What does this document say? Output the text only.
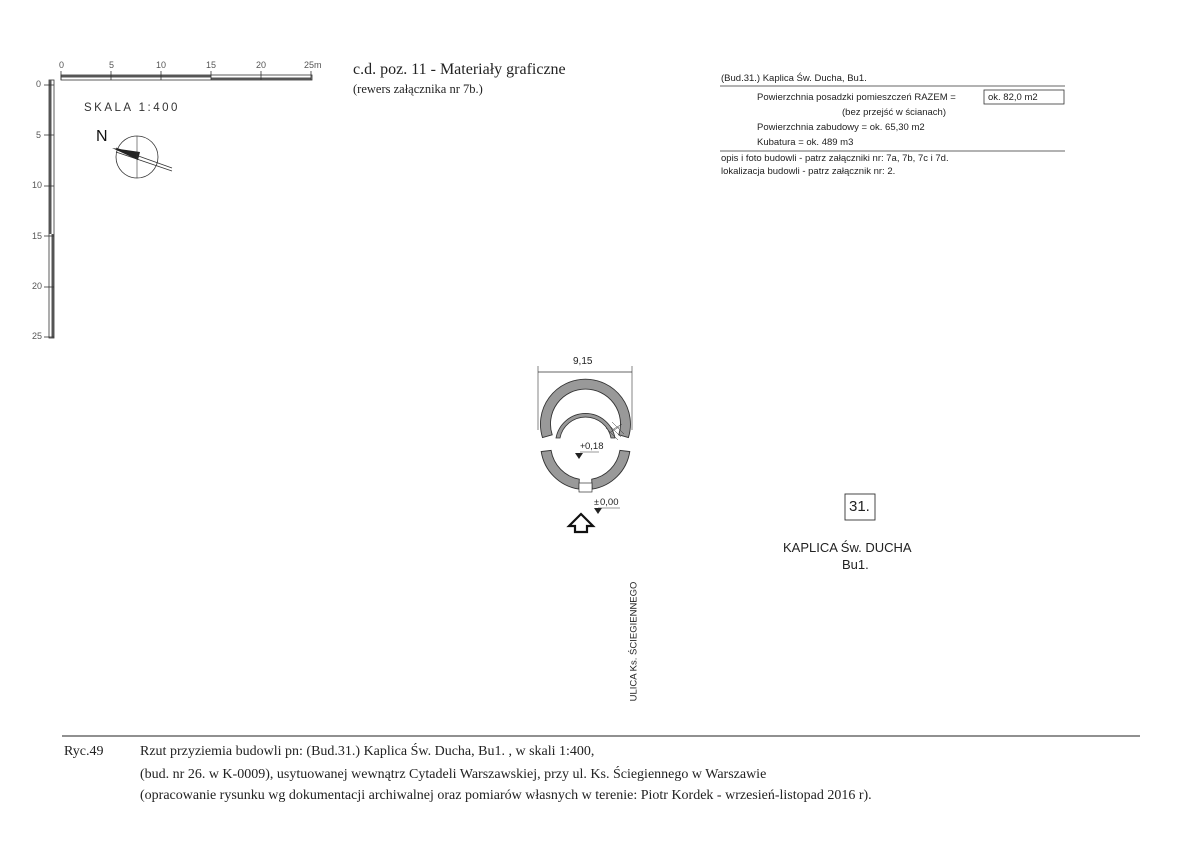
0	5	10	15	20	25m
0
5
10
15
20
25
SKALA 1:400
N
c.d. poz. 11 - Materiały graficzne
(rewers załącznika nr 7b.)
(Bud.31.) Kaplica Św. Ducha, Bu1.
Powierzchnia posadzki pomieszczeń RAZEM =	ok. 82,0 m2
(bez przejść w ścianach)
Powierzchnia zabudowy = ok. 65,30 m2
Kubatura = ok. 489 m3
opis i foto budowli - patrz załączniki nr: 7a, 7b, 7c i 7d.
lokalizacja budowli - patrz załącznik nr: 2.
9,15
+ 0,18
± 0,00
ULICA Ks. ŚCIEGIENNEGO
31.
KAPLICA Św. DUCHA
Bu1.
Ryc.49	Rzut przyziemia budowli pn: (Bud.31.) Kaplica Św. Ducha, Bu1. , w skali 1:400,
(bud. nr 26. w K-0009), usytuowanej wewnątrz Cytadeli Warszawskiej, przy ul. Ks. Ściegiennego w Warszawie
(opracowanie rysunku wg dokumentacji archiwalnej oraz pomiarów własnych w terenie: Piotr Kordek - wrzesień-listopad 2016 r).
